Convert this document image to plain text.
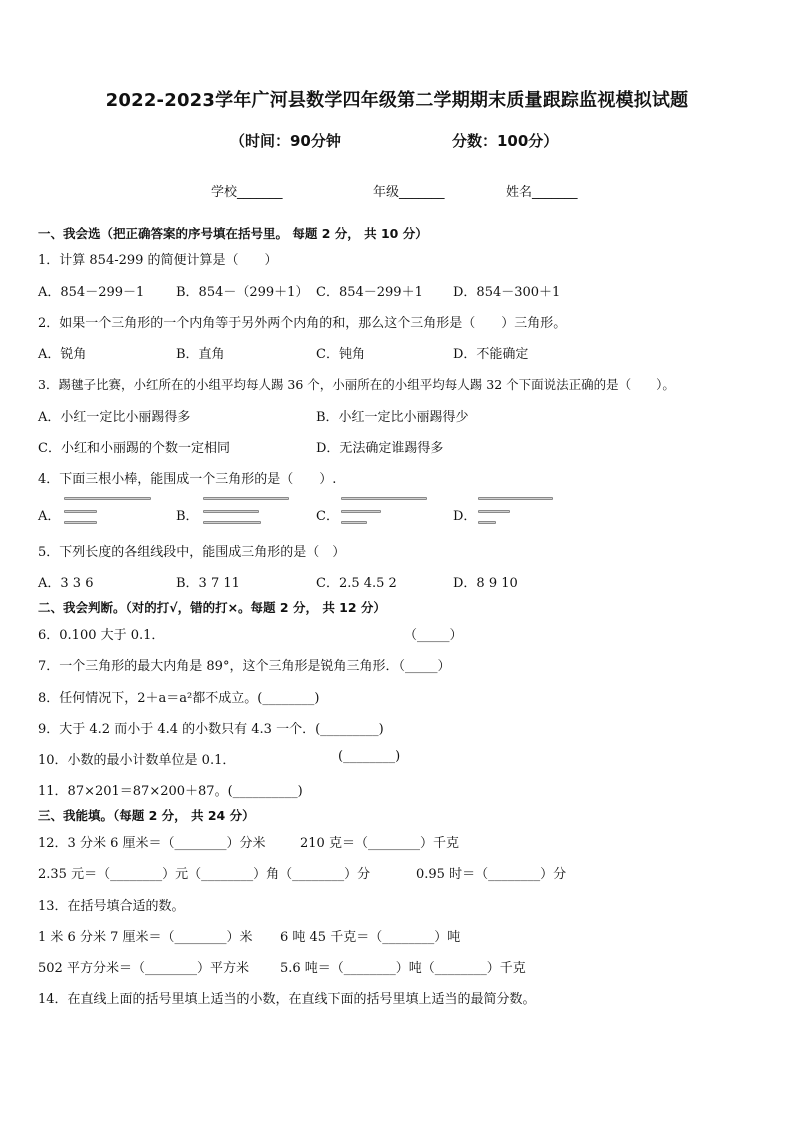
2022-2023学年广河县数学四年级第二学期期末质量跟踪监视模拟试题
（时间：90分钟	分数：100分）
学校_______	年级_______	姓名_______
一、我会选（把正确答案的序号填在括号里。 每题 2 分， 共 10 分）
1．计算 854-299 的简便计算是（　　）
A．854－299－1 B．854－（299＋1） C．854－299＋1 D．854－300＋1
2．如果一个三角形的一个内角等于另外两个内角的和，那么这个三角形是（　　）三角形。
A．锐角	B．直角	C．钝角	D．不能确定
3．踢毽子比赛，小红所在的小组平均每人踢 36 个，小丽所在的小组平均每人踢 32 个下面说法正确的是（　　）。
A．小红一定比小丽踢得多	B．小红一定比小丽踢得少
C．小红和小丽踢的个数一定相同	D．无法确定谁踢得多
4．下面三根小棒，能围成一个三角形的是（　　）.
A．	B．	C．	D．
5．下列长度的各组线段中，能围成三角形的是（　）
A．3 3 6	B．3 7 11	C．2.5 4.5 2	D．8 9 10
二、我会判断。（对的打√，错的打×。每题 2 分， 共 12 分）
6．0.100 大于 0.1．	（_____）
7．一个三角形的最大内角是 89°，这个三角形是锐角三角形．（_____）
8．任何情况下，2＋a＝a²都不成立。(________)
9．大于 4.2 而小于 4.4 的小数只有 4.3 一个．(_________)
10．小数的最小计数单位是 0.1．	(________)
11．87×201＝87×200＋87。(__________)
三、我能填。（每题 2 分， 共 24 分）
12．3 分米 6 厘米＝（________）分米	210 克＝（________）千克
2.35 元＝（________）元（________）角（________）分	0.95 时＝（________）分
13．在括号填合适的数。
1 米 6 分米 7 厘米＝（________）米 6 吨 45 千克＝（________）吨
502 平方分米＝（________）平方米 5.6 吨＝（________）吨（________）千克
14．在直线上面的括号里填上适当的小数，在直线下面的括号里填上适当的最简分数。
